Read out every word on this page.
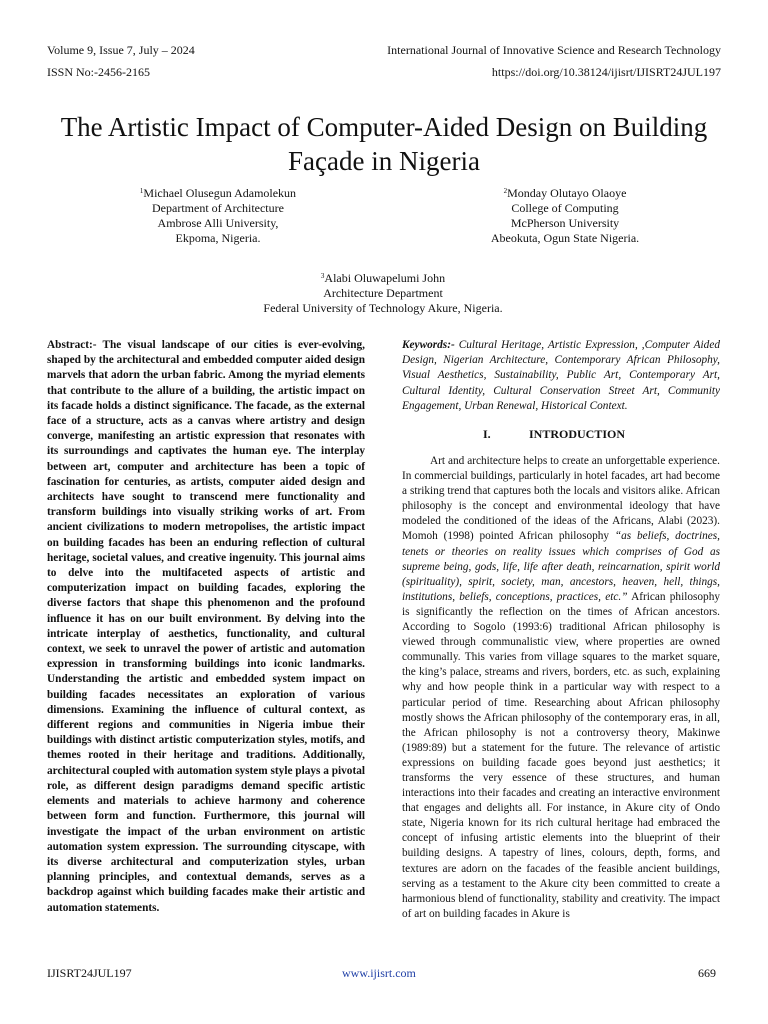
Volume 9, Issue 7, July – 2024
ISSN No:-2456-2165
International Journal of Innovative Science and Research Technology
https://doi.org/10.38124/ijisrt/IJISRT24JUL197
The Artistic Impact of Computer-Aided Design on Building Façade in Nigeria
$^1$Michael Olusegun Adamolekun
Department of Architecture
Ambrose Alli University,
Ekpoma, Nigeria.
$^2$Monday Olutayo Olaoye
College of Computing
McPherson University
Abeokuta, Ogun State Nigeria.
$^3$Alabi Oluwapelumi John
Architecture Department
Federal University of Technology Akure, Nigeria.

Abstract:- The visual landscape of our cities is ever-evolving, shaped by the architectural and embedded computer aided design marvels that adorn the urban fabric. Among the myriad elements that contribute to the allure of a building, the artistic impact on its facade holds a distinct significance. The facade, as the external face of a structure, acts as a canvas where artistry and design converge, manifesting an artistic expression that resonates with its surroundings and captivates the human eye. The interplay between art, computer and architecture has been a topic of fascination for centuries, as artists, computer aided design and architects have sought to transcend mere functionality and transform buildings into visually striking works of art. From ancient civilizations to modern metropolises, the artistic impact on building facades has been an enduring reflection of cultural heritage, societal values, and creative ingenuity. This journal aims to delve into the multifaceted aspects of artistic and computerization impact on building facades, exploring the diverse factors that shape this phenomenon and the profound influence it has on our built environment. By delving into the intricate interplay of aesthetics, functionality, and cultural context, we seek to unravel the power of artistic and automation expression in transforming buildings into iconic landmarks. Understanding the artistic and embedded system impact on building facades necessitates an exploration of various dimensions. Examining the influence of cultural context, as different regions and communities in Nigeria imbue their buildings with distinct artistic computerization styles, motifs, and themes rooted in their heritage and traditions. Additionally, architectural coupled with automation system style plays a pivotal role, as different design paradigms demand specific artistic elements and materials to achieve harmony and coherence between form and function. Furthermore, this journal will investigate the impact of the urban environment on artistic automation system expression. The surrounding cityscape, with its diverse architectural and computerization styles, urban planning principles, and contextual demands, serves as a backdrop against which building facades make their artistic and automation statements.

Keywords:- Cultural Heritage, Artistic Expression, ,Computer Aided Design, Nigerian Architecture, Contemporary African Philosophy, Visual Aesthetics, Sustainability, Public Art, Contemporary Art, Cultural Identity, Cultural Conservation Street Art, Community Engagement, Urban Renewal, Historical Context.

I.	INTRODUCTION

Art and architecture helps to create an unforgettable experience. In commercial buildings, particularly in hotel facades, art had become a striking trend that captures both the locals and visitors alike. African philosophy is the concept and environmental ideology that have modeled the conditioned of the ideas of the Africans, Alabi (2023). Momoh (1998) pointed African philosophy “as beliefs, doctrines, tenets or theories on reality issues which comprises of God as supreme being, gods, life, life after death, reincarnation, spirit world (spirituality), spirit, society, man, ancestors, heaven, hell, things, institutions, beliefs, conceptions, practices, etc.” African philosophy is significantly the reflection on the times of African ancestors. According to Sogolo (1993:6) traditional African philosophy is viewed through communalistic view, where properties are owned communally. This varies from village squares to the market square, the king’s palace, streams and rivers, borders, etc. as such, explaining why and how people think in a particular way with respect to a particular period of time. Researching about African philosophy mostly shows the African philosophy of the contemporary eras, in all, the African philosophy is not a controversy theory, Makinwe (1989:89) but a statement for the future. The relevance of artistic expressions on building facade goes beyond just aesthetics; it transforms the very essence of these structures, and human interactions into their facades and creating an interactive environment that engages and delights all. For instance, in Akure city of Ondo state, Nigeria known for its rich cultural heritage had embraced the concept of infusing artistic elements into the blueprint of their building designs. A tapestry of lines, colours, depth, forms, and textures are adorn on the facades of the feasible ancient buildings, serving as a testament to the Akure city been committed to create a harmonious blend of functionality, stability and creativity. The impact of art on building facades in Akure is

IJISRT24JUL197	www.ijisrt.com	669
